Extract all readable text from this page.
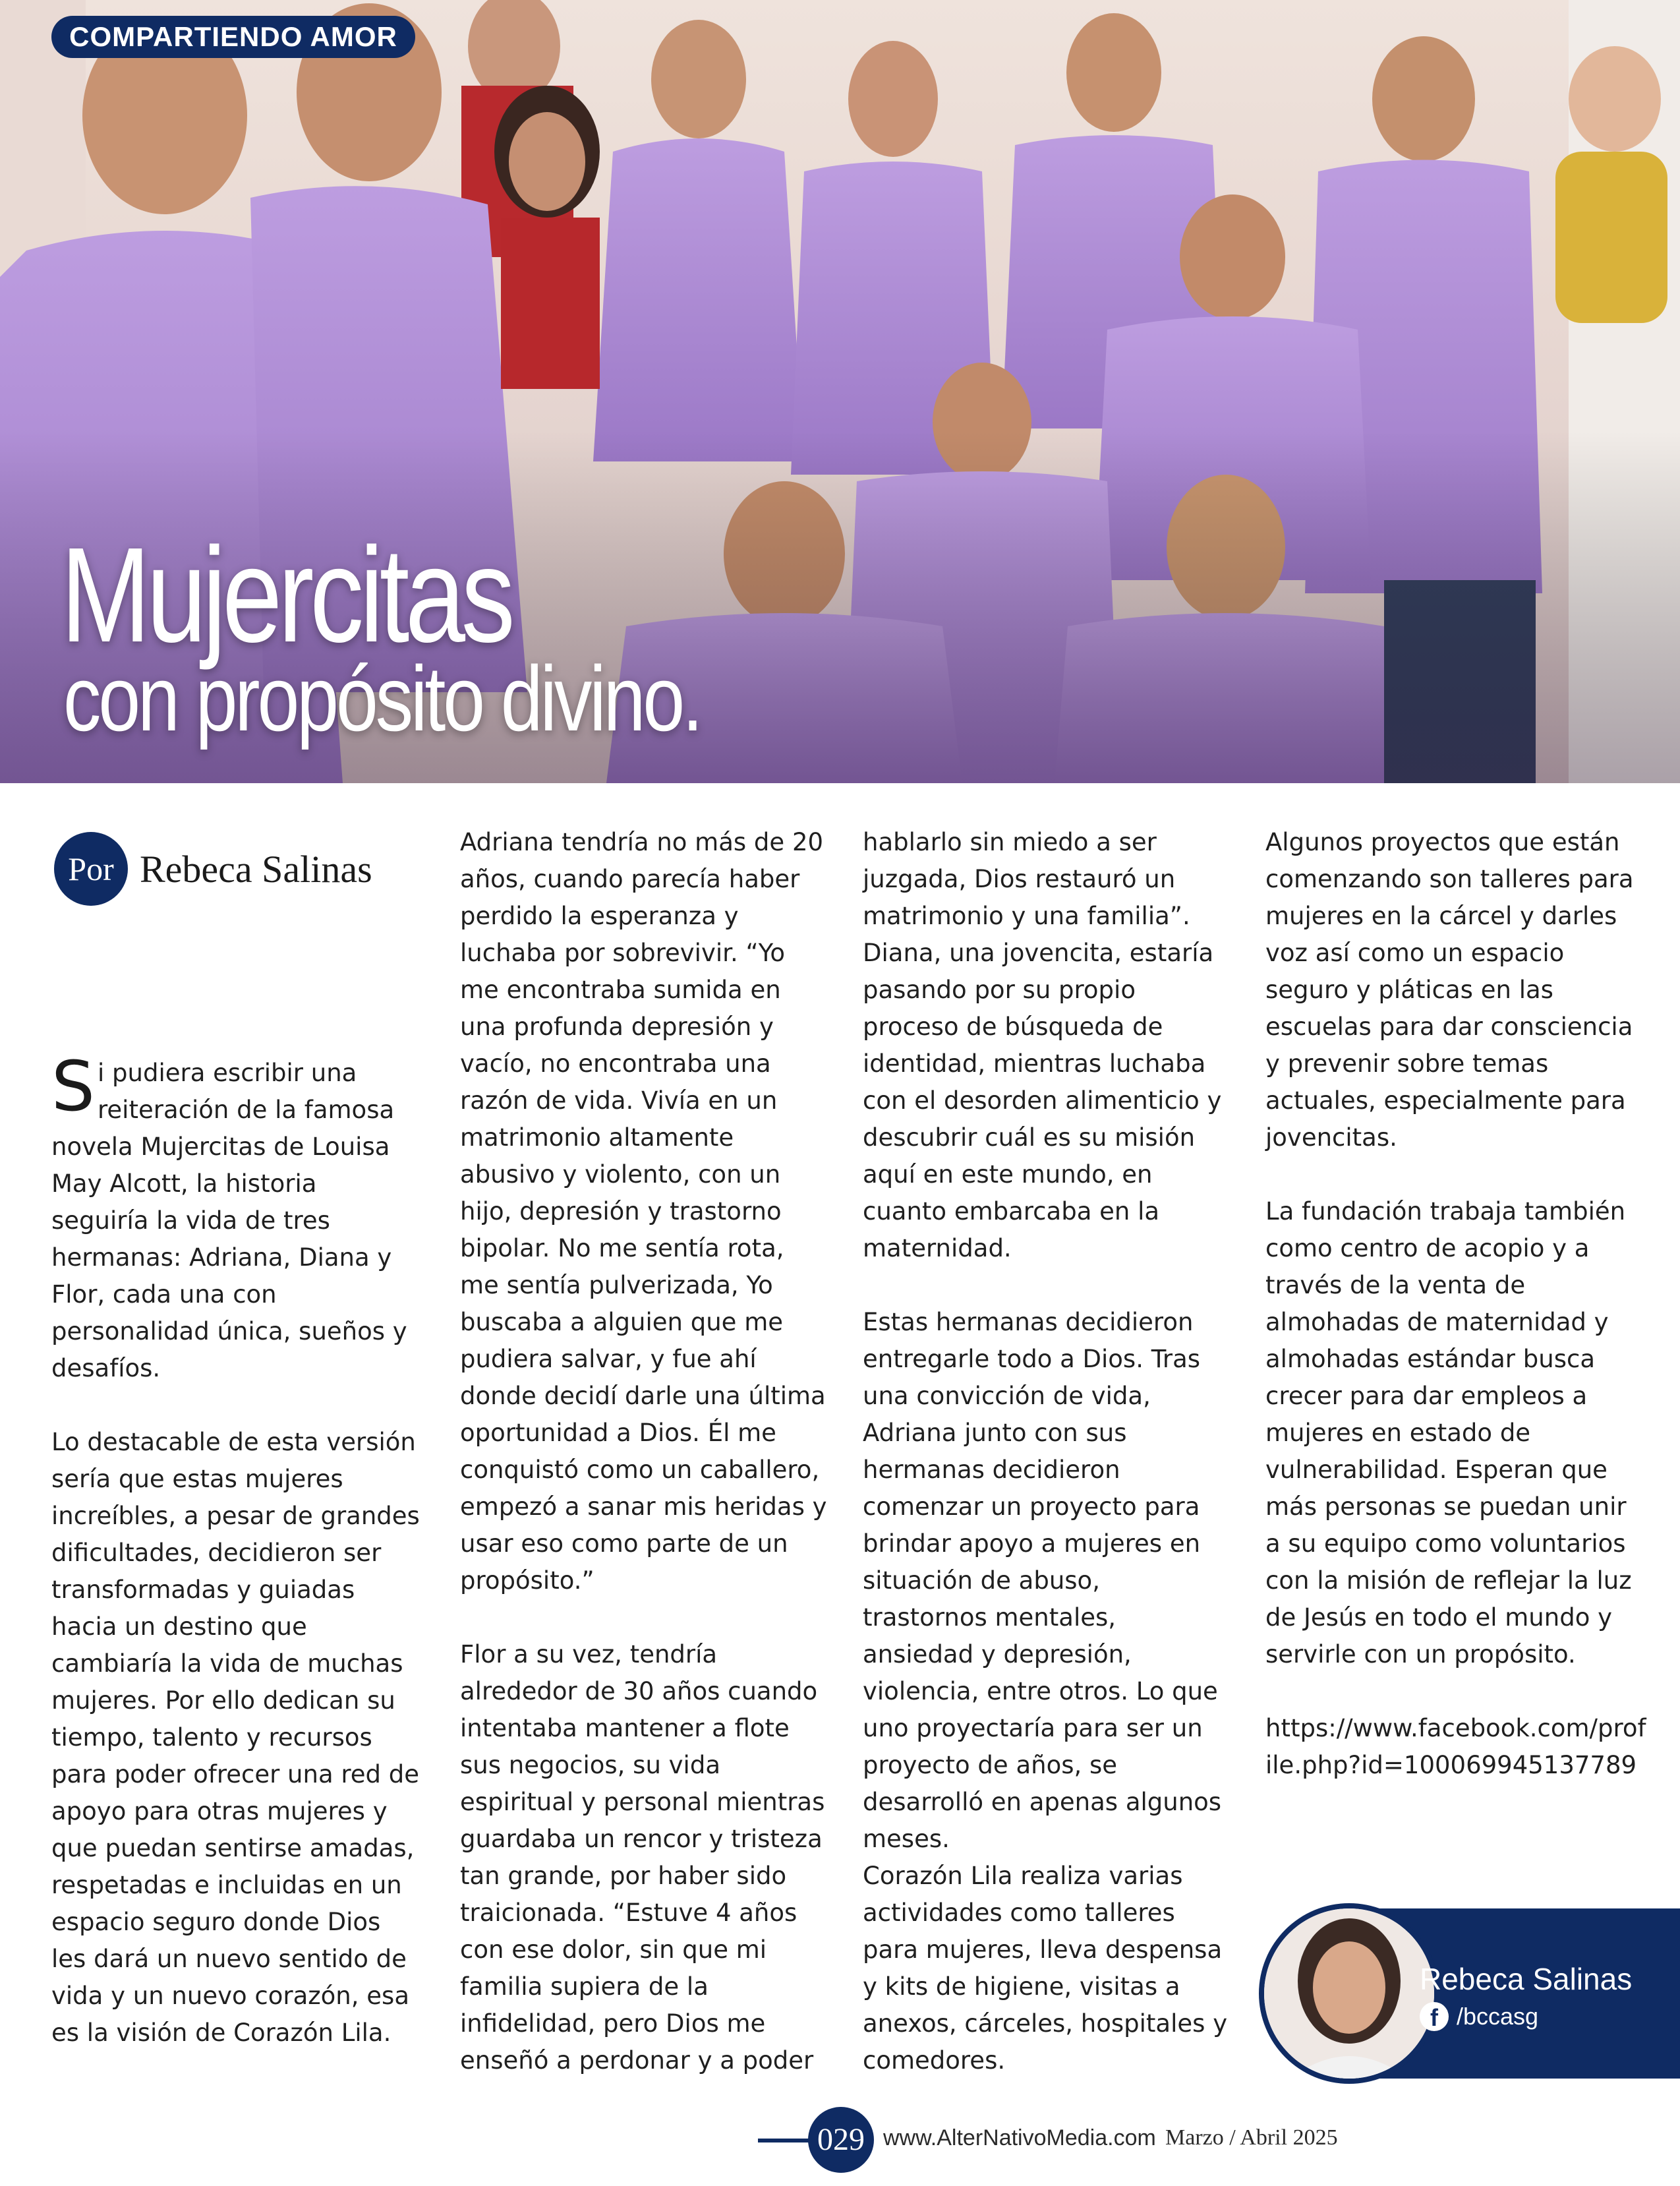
COMPARTIENDO AMOR
Mujercitas
con propósito divino.
Por Rebeca Salinas

Si pudiera escribir una reiteración de la famosa novela Mujercitas de Louisa May Alcott, la historia seguiría la vida de tres hermanas: Adriana, Diana y Flor, cada una con personalidad única, sueños y desafíos.

Lo destacable de esta versión sería que estas mujeres increíbles, a pesar de grandes dificultades, decidieron ser transformadas y guiadas hacia un destino que cambiaría la vida de muchas mujeres. Por ello dedican su tiempo, talento y recursos para poder ofrecer una red de apoyo para otras mujeres y que puedan sentirse amadas, respetadas e incluidas en un espacio seguro donde Dios les dará un nuevo sentido de vida y un nuevo corazón, esa es la visión de Corazón Lila.

Adriana tendría no más de 20 años, cuando parecía haber perdido la esperanza y luchaba por sobrevivir. “Yo me encontraba sumida en una profunda depresión y vacío, no encontraba una razón de vida. Vivía en un matrimonio altamente abusivo y violento, con un hijo, depresión y trastorno bipolar. No me sentía rota, me sentía pulverizada, Yo buscaba a alguien que me pudiera salvar, y fue ahí donde decidí darle una última oportunidad a Dios. Él me conquistó como un caballero, empezó a sanar mis heridas y usar eso como parte de un propósito.”

Flor a su vez, tendría alrededor de 30 años cuando intentaba mantener a flote sus negocios, su vida espiritual y personal mientras guardaba un rencor y tristeza tan grande, por haber sido traicionada. “Estuve 4 años con ese dolor, sin que mi familia supiera de la infidelidad, pero Dios me enseñó a perdonar y a poder

hablarlo sin miedo a ser juzgada, Dios restauró un matrimonio y una familia”. Diana, una jovencita, estaría pasando por su propio proceso de búsqueda de identidad, mientras luchaba con el desorden alimenticio y descubrir cuál es su misión aquí en este mundo, en cuanto embarcaba en la maternidad.

Estas hermanas decidieron entregarle todo a Dios. Tras una convicción de vida, Adriana junto con sus hermanas decidieron comenzar un proyecto para brindar apoyo a mujeres en situación de abuso, trastornos mentales, ansiedad y depresión, violencia, entre otros. Lo que uno proyectaría para ser un proyecto de años, se desarrolló en apenas algunos meses.

Corazón Lila realiza varias actividades como talleres para mujeres, lleva despensa y kits de higiene, visitas a anexos, cárceles, hospitales y comedores.

Algunos proyectos que están comenzando son talleres para mujeres en la cárcel y darles voz así como un espacio seguro y pláticas en las escuelas para dar consciencia y prevenir sobre temas actuales, especialmente para jovencitas.

La fundación trabaja también como centro de acopio y a través de la venta de almohadas de maternidad y almohadas estándar busca crecer para dar empleos a mujeres en estado de vulnerabilidad. Esperan que más personas se puedan unir a su equipo como voluntarios con la misión de reflejar la luz de Jesús en todo el mundo y servirle con un propósito.

https://www.facebook.com/profile.php?id=100069945137789

Rebeca Salinas
f /bccasg
029 www.AlterNativoMedia.com Marzo / Abril 2025
